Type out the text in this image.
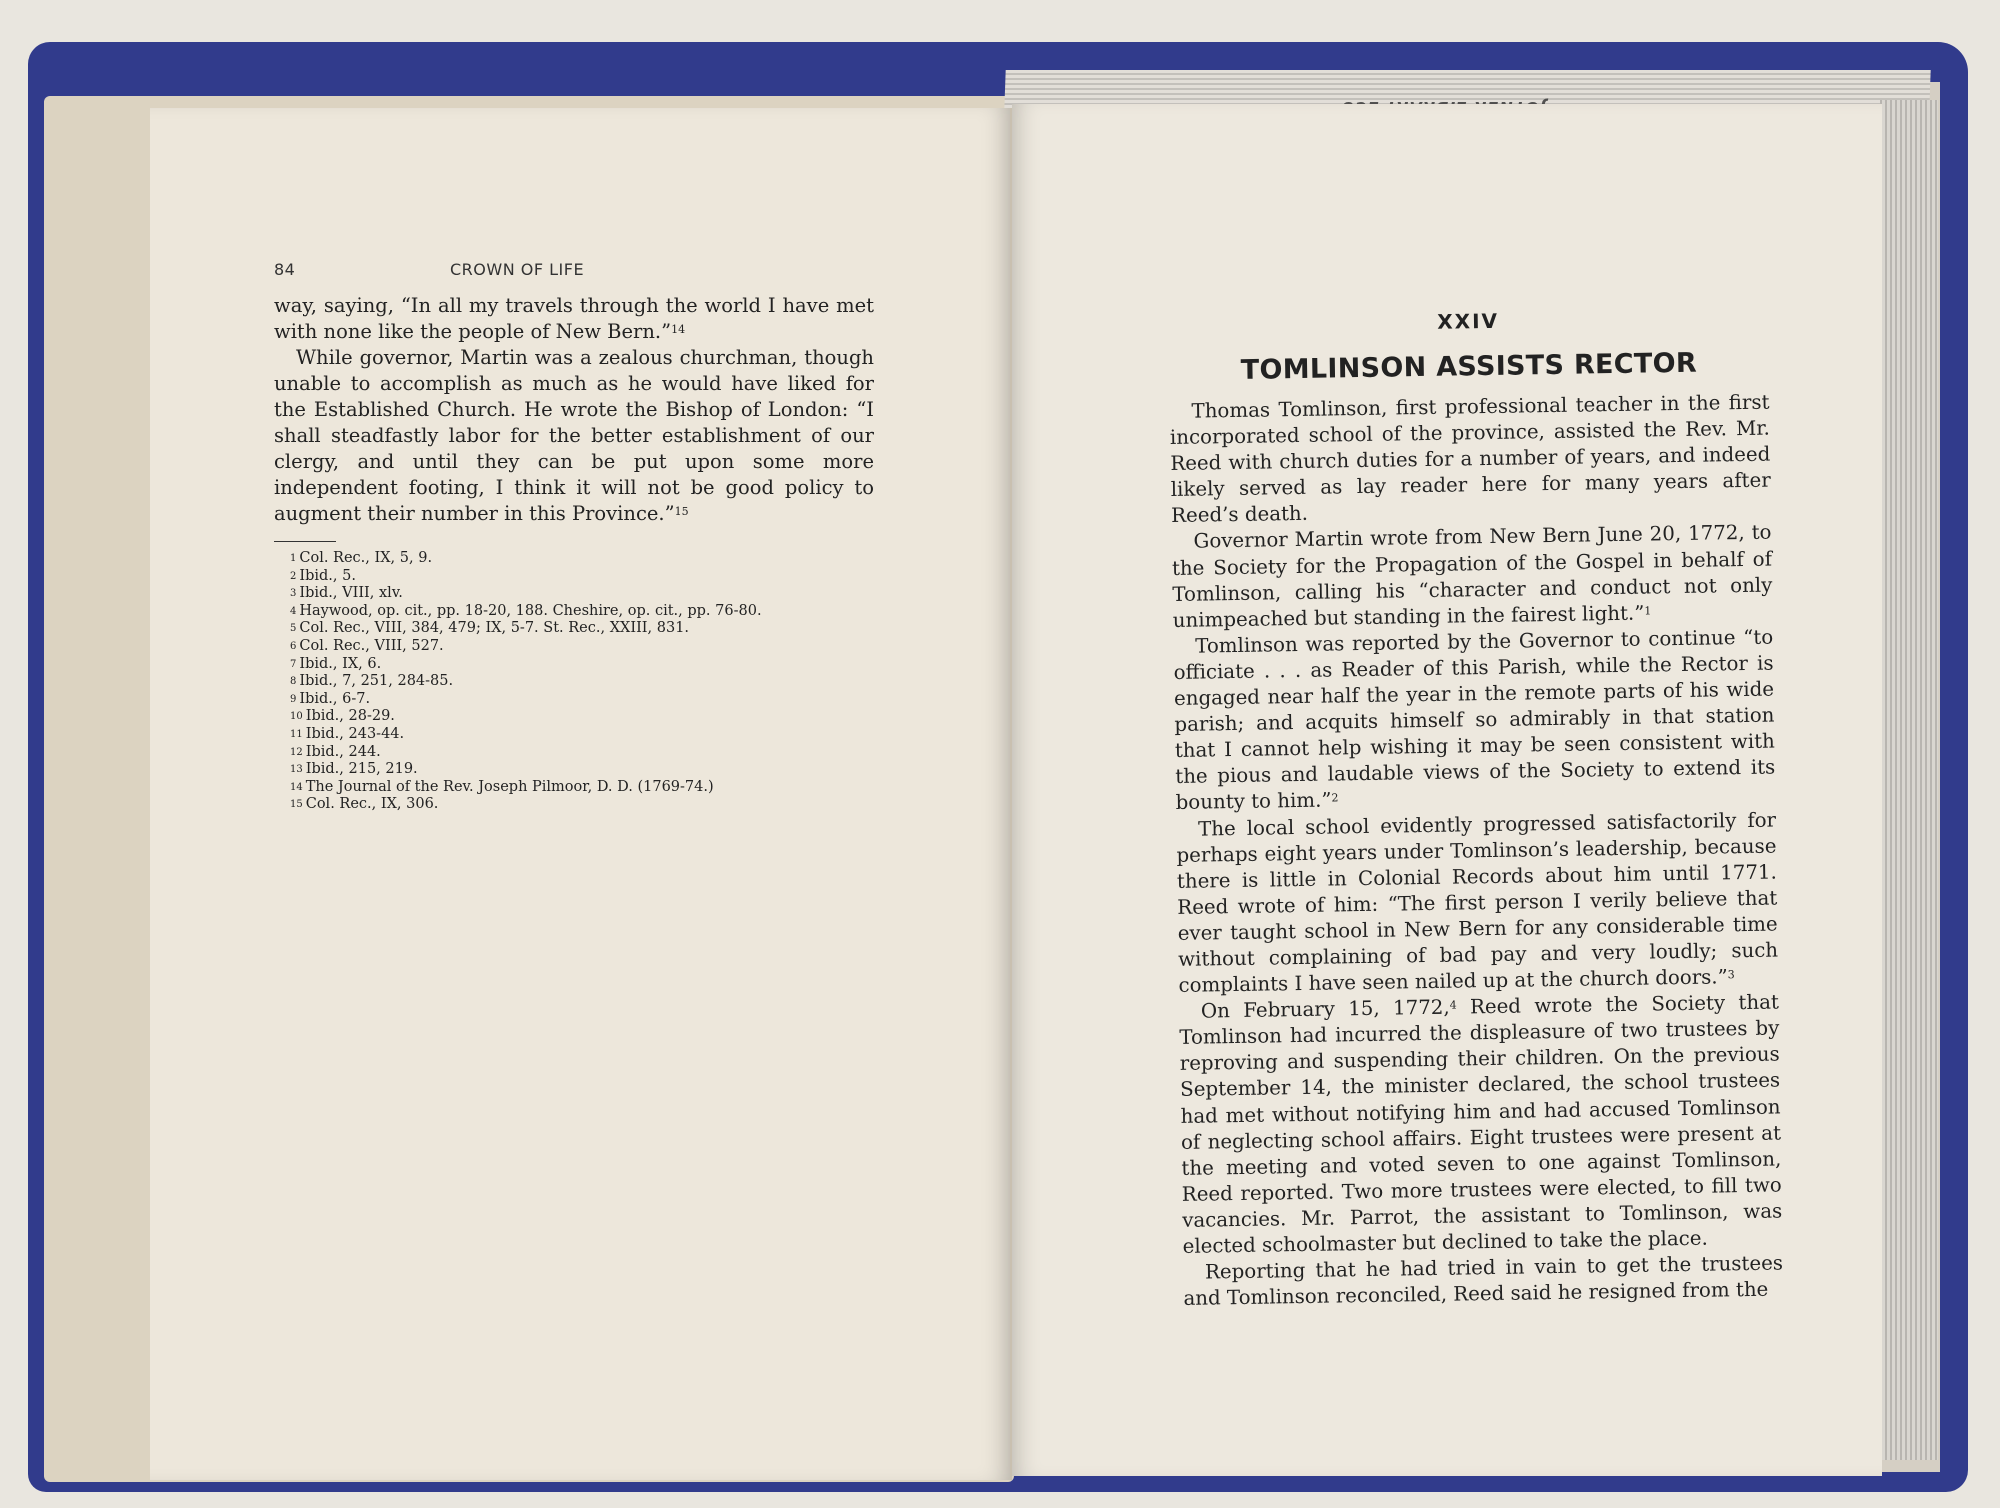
84	CROWN OF LIFE

way, saying, “In all my travels through the world I have met with none like the people of New Bern.”$^{14}$

While governor, Martin was a zealous churchman, though unable to accomplish as much as he would have liked for the Established Church. He wrote the Bishop of London: “I shall steadfastly labor for the better establishment of our clergy, and until they can be put upon some more independent footing, I think it will not be good policy to augment their number in this Province.”$^{15}$

$^1$ Col. Rec., IX, 5, 9.
$^2$ Ibid., 5.
$^3$ Ibid., VIII, xlv.
$^4$ Haywood, op. cit., pp. 18-20, 188. Cheshire, op. cit., pp. 76-80.
$^5$ Col. Rec., VIII, 384, 479; IX, 5-7. St. Rec., XXIII, 831.
$^6$ Col. Rec., VIII, 527.
$^7$ Ibid., IX, 6.
$^8$ Ibid., 7, 251, 284-85.
$^9$ Ibid., 6-7.
$^{10}$ Ibid., 28-29.
$^{11}$ Ibid., 243-44.
$^{12}$ Ibid., 244.
$^{13}$ Ibid., 215, 219.
$^{14}$ The Journal of the Rev. Joseph Pilmoor, D. D. (1769-74.)
$^{15}$ Col. Rec., IX, 306.
XXIV
TOMLINSON ASSISTS RECTOR

Thomas Tomlinson, first professional teacher in the first incorporated school of the province, assisted the Rev. Mr. Reed with church duties for a number of years, and indeed likely served as lay reader here for many years after Reed’s death.

Governor Martin wrote from New Bern June 20, 1772, to the Society for the Propagation of the Gospel in behalf of Tomlinson, calling his “character and conduct not only unimpeached but standing in the fairest light.”$^1$

Tomlinson was reported by the Governor to continue “to officiate . . . as Reader of this Parish, while the Rector is engaged near half the year in the remote parts of his wide parish; and acquits himself so admirably in that station that I cannot help wishing it may be seen consistent with the pious and laudable views of the Society to extend its bounty to him.”$^2$

The local school evidently progressed satisfactorily for perhaps eight years under Tomlinson’s leadership, because there is little in Colonial Records about him until 1771. Reed wrote of him: “The first person I verily believe that ever taught school in New Bern for any considerable time without complaining of bad pay and very loudly; such complaints I have seen nailed up at the church doors.”$^3$

On February 15, 1772,$^4$ Reed wrote the Society that Tomlinson had incurred the displeasure of two trustees by reproving and suspending their children. On the previous September 14, the minister declared, the school trustees had met without notifying him and had accused Tomlinson of neglecting school affairs. Eight trustees were present at the meeting and voted seven to one against Tomlinson, Reed reported. Two more trustees were elected, to fill two vacancies. Mr. Parrot, the assistant to Tomlinson, was elected schoolmaster but declined to take the place.

Reporting that he had tried in vain to get the trustees and Tomlinson reconciled, Reed said he resigned from the
